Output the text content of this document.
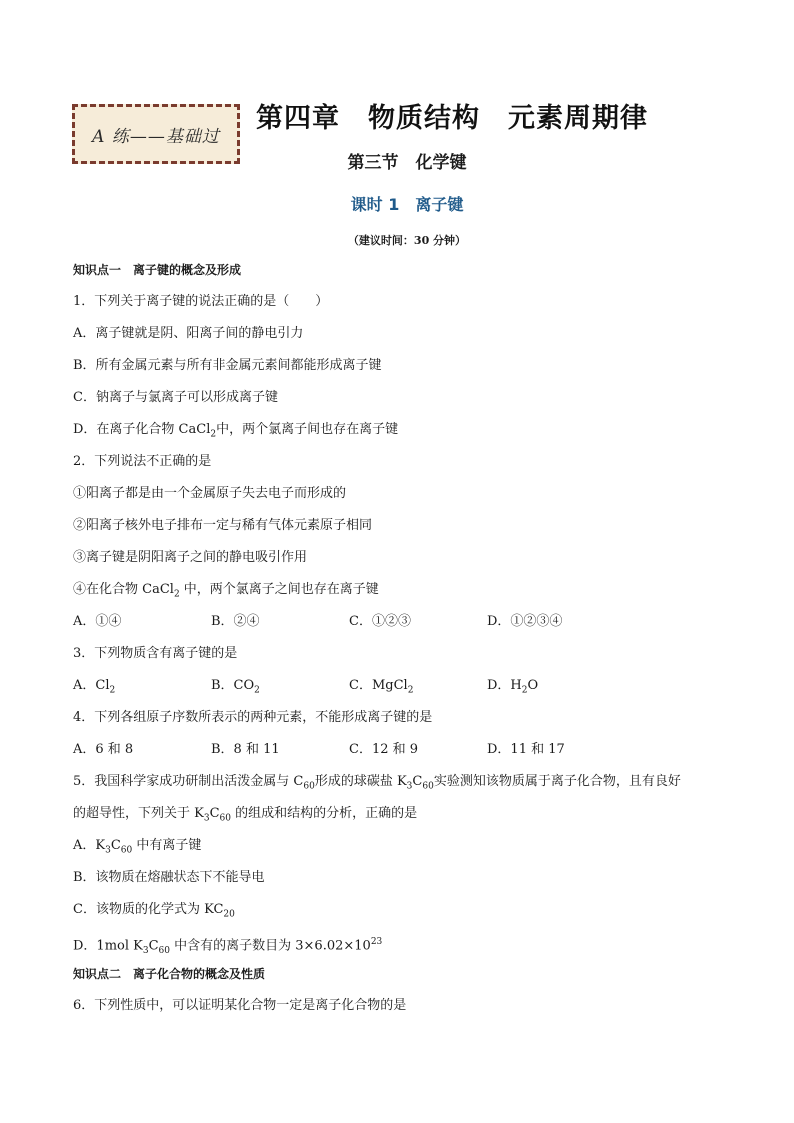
A 练——基础过
第四章　物质结构　元素周期律
第三节　化学键
课时 1　离子键
（建议时间：30 分钟）
知识点一　离子键的概念及形成
1．下列关于离子键的说法正确的是（　　）
A．离子键就是阴、阳离子间的静电引力
B．所有金属元素与所有非金属元素间都能形成离子键
C．钠离子与氯离子可以形成离子键
D．在离子化合物 CaCl$_2$中，两个氯离子间也存在离子键
2．下列说法不正确的是
①阳离子都是由一个金属原子失去电子而形成的
②阳离子核外电子排布一定与稀有气体元素原子相同
③离子键是阴阳离子之间的静电吸引作用
④在化合物 CaCl$_2$ 中，两个氯离子之间也存在离子键
A．①④	B．②④	C．①②③	D．①②③④
3．下列物质含有离子键的是
A．$Cl_2$	B．$CO_2$	C．MgCl$_2$	D．$H_2O$
4．下列各组原子序数所表示的两种元素，不能形成离子键的是
A．6 和 8	B．8 和 11	C．12 和 9	D．11 和 17
5．我国科学家成功研制出活泼金属与 $C_{60}$形成的球碳盐 $K_3C_{60}$实验测知该物质属于离子化合物，且有良好
的超导性，下列关于 $K_3C_{60}$ 的组成和结构的分析，正确的是
A．$K_3C_{60}$ 中有离子键
B．该物质在熔融状态下不能导电
C．该物质的化学式为 $KC_{20}$
D．1mol $K_3C_{60}$ 中含有的离子数目为 $3\times 6.02\times 10^{23}$
知识点二　离子化合物的概念及性质
6．下列性质中，可以证明某化合物一定是离子化合物的是
